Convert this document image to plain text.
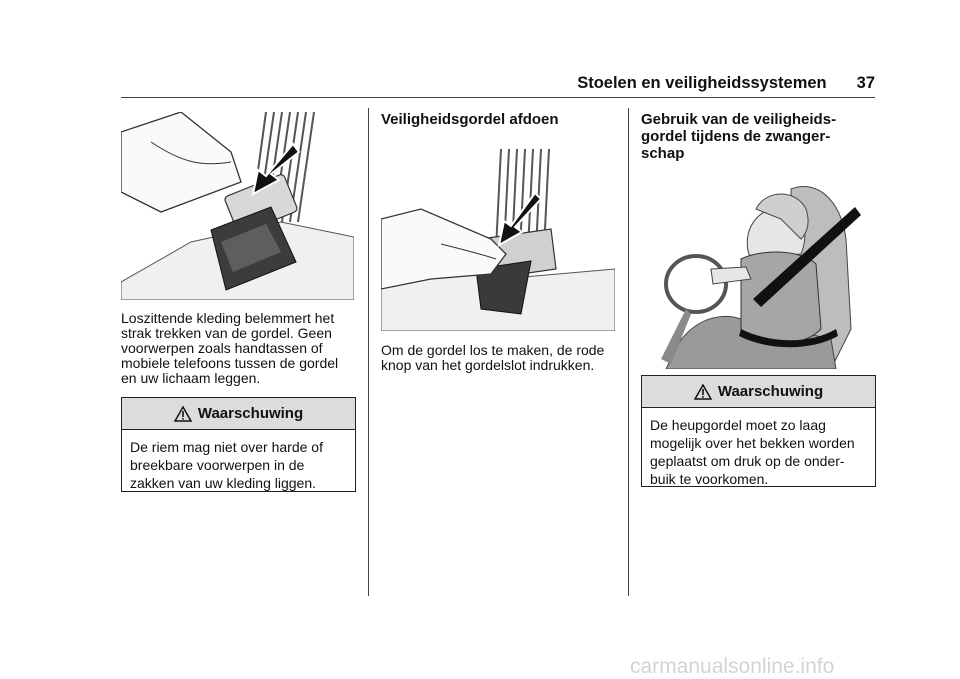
Stoelen en veiligheidssystemen 37

Loszittende kleding belemmert het strak trekken van de gordel. Geen voorwerpen zoals handtassen of mobiele telefoons tussen de gordel en uw lichaam leggen.

Waarschuwing
De riem mag niet over harde of breekbare voorwerpen in de zakken van uw kleding liggen.

Veiligheidsgordel afdoen

Om de gordel los te maken, de rode knop van het gordelslot indrukken.

Gebruik van de veiligheids-gordel tijdens de zwanger-schap

Waarschuwing
De heupgordel moet zo laag mogelijk over het bekken worden geplaatst om druk op de onder-buik te voorkomen.
carmanualsonline.info
